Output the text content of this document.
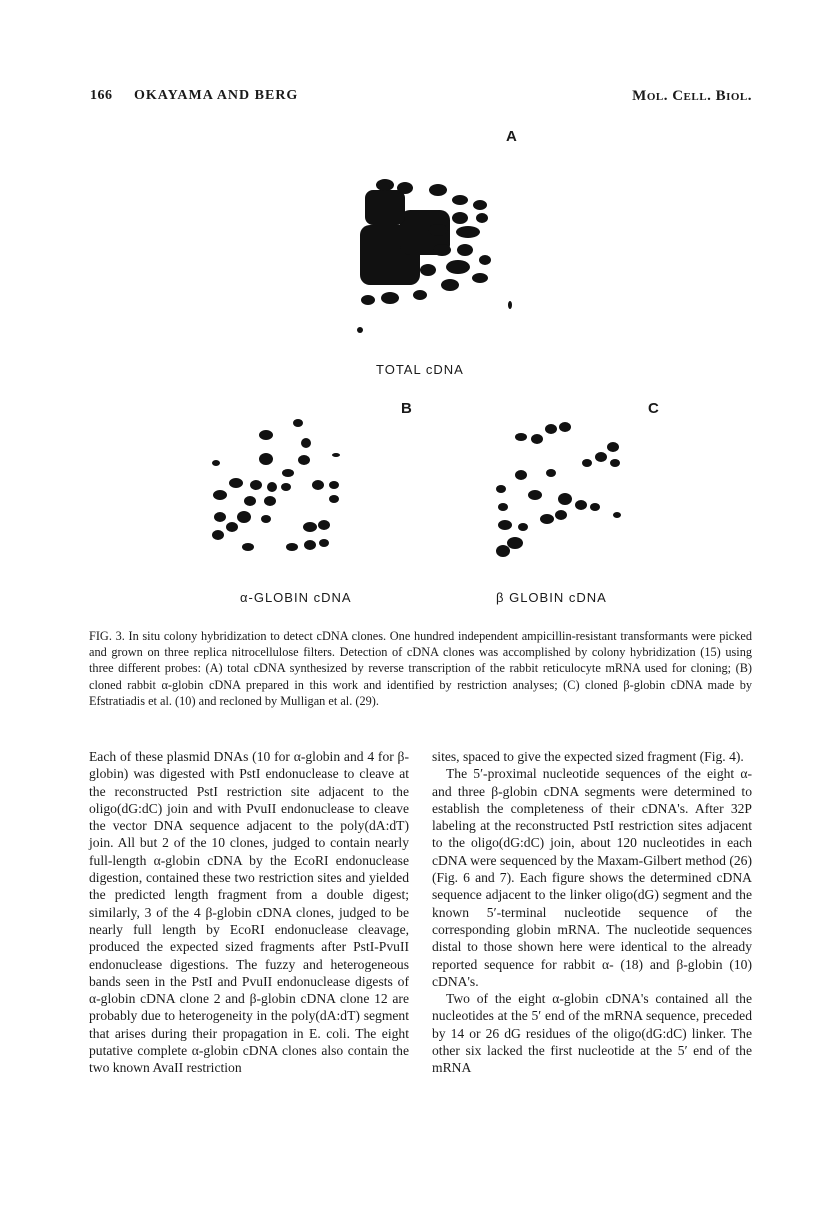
166 OKAYAMA AND BERG	Mol. Cell. Biol.
A
TOTAL cDNA
B
α-GLOBIN cDNA
C
β GLOBIN cDNA
FIG. 3. In situ colony hybridization to detect cDNA clones. One hundred independent ampicillin-resistant transformants were picked and grown on three replica nitrocellulose filters. Detection of cDNA clones was accomplished by colony hybridization (15) using three different probes: (A) total cDNA synthesized by reverse transcription of the rabbit reticulocyte mRNA used for cloning; (B) cloned rabbit α-globin cDNA prepared in this work and identified by restriction analyses; (C) cloned β-globin cDNA made by Efstratiadis et al. (10) and recloned by Mulligan et al. (29).

Each of these plasmid DNAs (10 for α-globin and 4 for β-globin) was digested with PstI endonuclease to cleave at the reconstructed PstI restriction site adjacent to the oligo(dG:dC) join and with PvuII endonuclease to cleave the vector DNA sequence adjacent to the poly(dA:dT) join. All but 2 of the 10 clones, judged to contain nearly full-length α-globin cDNA by the EcoRI endonuclease digestion, contained these two restriction sites and yielded the predicted length fragment from a double digest; similarly, 3 of the 4 β-globin cDNA clones, judged to be nearly full length by EcoRI endonuclease cleavage, produced the expected sized fragments after PstI-PvuII endonuclease digestions. The fuzzy and heterogeneous bands seen in the PstI and PvuII endonuclease digests of α-globin cDNA clone 2 and β-globin cDNA clone 12 are probably due to heterogeneity in the poly(dA:dT) segment that arises during their propagation in E. coli. The eight putative complete α-globin cDNA clones also contain the two known AvaII restriction

sites, spaced to give the expected sized fragment (Fig. 4).

The 5′-proximal nucleotide sequences of the eight α- and three β-globin cDNA segments were determined to establish the completeness of their cDNA's. After 32P labeling at the reconstructed PstI restriction sites adjacent to the oligo(dG:dC) join, about 120 nucleotides in each cDNA were sequenced by the Maxam-Gilbert method (26) (Fig. 6 and 7). Each figure shows the determined cDNA sequence adjacent to the linker oligo(dG) segment and the known 5′-terminal nucleotide sequence of the corresponding globin mRNA. The nucleotide sequences distal to those shown here were identical to the already reported sequence for rabbit α- (18) and β-globin (10) cDNA's.

Two of the eight α-globin cDNA's contained all the nucleotides at the 5′ end of the mRNA sequence, preceded by 14 or 26 dG residues of the oligo(dG:dC) linker. The other six lacked the first nucleotide at the 5′ end of the mRNA
